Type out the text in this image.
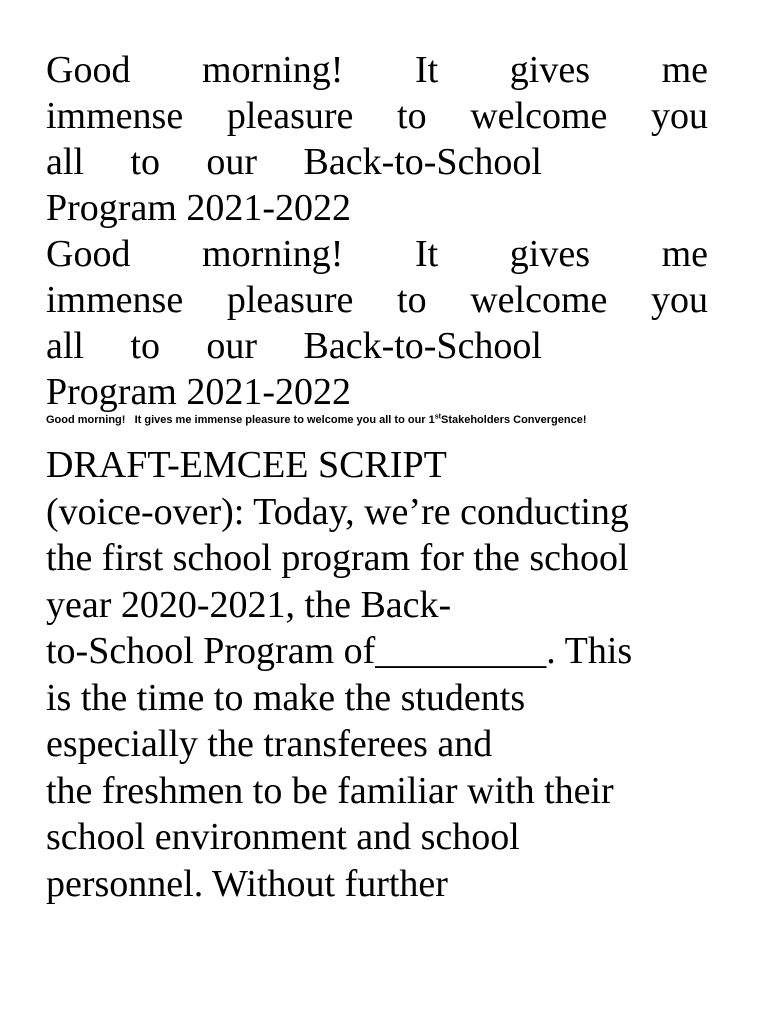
Good morning! It gives me
immense pleasure to welcome you
all to our Back-to-School
Program 2021-2022
Good morning! It gives me
immense pleasure to welcome you
all to our Back-to-School
Program 2021-2022
Good morning!   It gives me immense pleasure to welcome you all to our 1stStakeholders Convergence!
DRAFT-EMCEE SCRIPT
(voice-over): Today, we’re conducting
the first school program for the school
year 2020-2021, the Back-
to-School Program of_________. This
is the time to make the students
especially the transferees and
the freshmen to be familiar with their
school environment and school
personnel. Without further
